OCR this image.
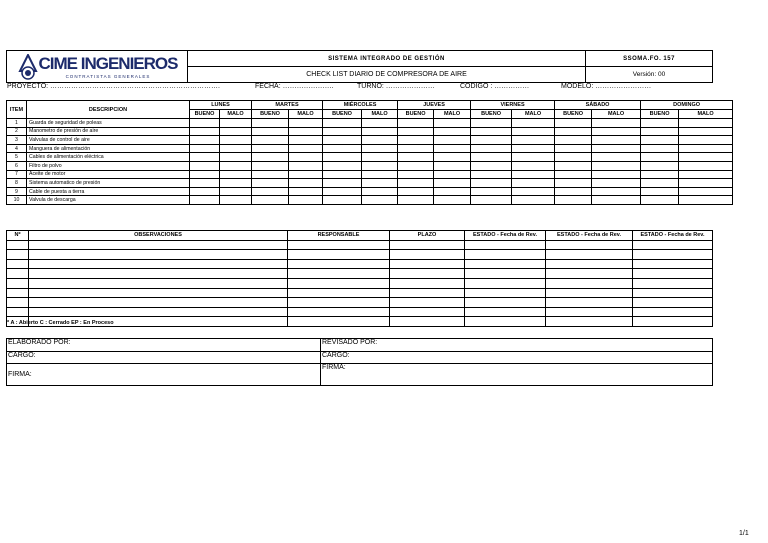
CIME INGENIEROS
CONTRATISTAS GENERALES	SISTEMA INTEGRADO DE GESTIÓN	SSOMA.FO. 157
	CHECK LIST DIARIO DE COMPRESORA DE AIRE	Versión: 00
PROYECTO: ……………………………………………………………….	FECHA: ………………….	TURNO: …………………	CODIGO : ……………	MODELO: ……………………
ITEM	DESCRIPCION	LUNES		MARTES		MIÉRCOLES		JUEVES		VIERNES		SÁBADO		DOMINGO	
		BUENO	MALO	BUENO	MALO	BUENO	MALO	BUENO	MALO	BUENO	MALO	BUENO	MALO	BUENO	MALO
1	Guarda de seguridad de poleas														
2	Manometro de presión de aire														
3	Valvulas de control de aire														
4	Manguera de alimentación														
5	Cables de alimentación eléctrica														
6	Filtro de polvo														
7	Aceite de motor														
8	Sistema automatico de presión														
9	Cable de puesta a tierra														
10	Valvula de descarga														
Nº	OBSERVACIONES	RESPONSABLE	PLAZO	ESTADO - Fecha de Rev.	ESTADO - Fecha de Rev.	ESTADO - Fecha de Rev.

* A : Abierto C : Cerrado EP : En Proceso
ELABORADO POR:	REVISADO POR:
CARGO:	CARGO:
FIRMA:	FIRMA:
1/1
